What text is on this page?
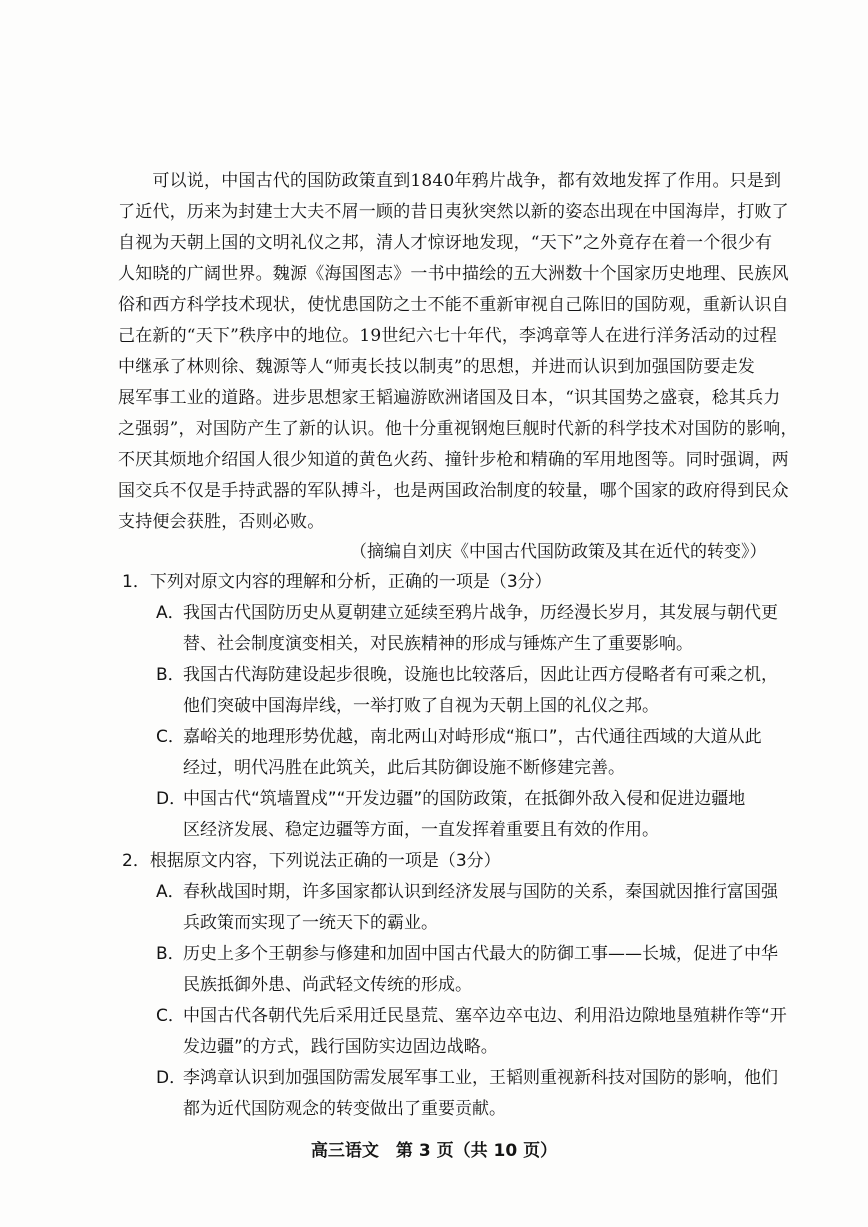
　　可以说，中国古代的国防政策直到1840年鸦片战争，都有效地发挥了作用。只是到
了近代，历来为封建士大夫不屑一顾的昔日夷狄突然以新的姿态出现在中国海岸，打败了
自视为天朝上国的文明礼仪之邦，清人才惊讶地发现，“天下”之外竟存在着一个很少有
人知晓的广阔世界。魏源《海国图志》一书中描绘的五大洲数十个国家历史地理、民族风
俗和西方科学技术现状，使忧患国防之士不能不重新审视自己陈旧的国防观，重新认识自
己在新的“天下”秩序中的地位。19世纪六七十年代，李鸿章等人在进行洋务活动的过程
中继承了林则徐、魏源等人“师夷长技以制夷”的思想，并进而认识到加强国防要走发
展军事工业的道路。进步思想家王韬遍游欧洲诸国及日本，“识其国势之盛衰，稔其兵力
之强弱”，对国防产生了新的认识。他十分重视钢炮巨舰时代新的科学技术对国防的影响，
不厌其烦地介绍国人很少知道的黄色火药、撞针步枪和精确的军用地图等。同时强调，两
国交兵不仅是手持武器的军队搏斗，也是两国政治制度的较量，哪个国家的政府得到民众
支持便会获胜，否则必败。
（摘编自刘庆《中国古代国防政策及其在近代的转变》）
1．下列对原文内容的理解和分析，正确的一项是（3分）
A．
我国古代国防历史从夏朝建立延续至鸦片战争，历经漫长岁月，其发展与朝代更
替、社会制度演变相关，对民族精神的形成与锤炼产生了重要影响。
B．
我国古代海防建设起步很晚，设施也比较落后，因此让西方侵略者有可乘之机，
他们突破中国海岸线，一举打败了自视为天朝上国的礼仪之邦。
C．
嘉峪关的地理形势优越，南北两山对峙形成“瓶口”，古代通往西域的大道从此
经过，明代冯胜在此筑关，此后其防御设施不断修建完善。
D．
中国古代“筑墙置戍”“开发边疆”的国防政策，在抵御外敌入侵和促进边疆地
区经济发展、稳定边疆等方面，一直发挥着重要且有效的作用。
2．根据原文内容，下列说法正确的一项是（3分）
A．
春秋战国时期，许多国家都认识到经济发展与国防的关系，秦国就因推行富国强
兵政策而实现了一统天下的霸业。
B．
历史上多个王朝参与修建和加固中国古代最大的防御工事——长城，促进了中华
民族抵御外患、尚武轻文传统的形成。
C．
中国古代各朝代先后采用迁民垦荒、塞卒边卒屯边、利用沿边隙地垦殖耕作等“开
发边疆”的方式，践行国防实边固边战略。
D．
李鸿章认识到加强国防需发展军事工业，王韬则重视新科技对国防的影响，他们
都为近代国防观念的转变做出了重要贡献。
高三语文　第 3 页（共 10 页）
